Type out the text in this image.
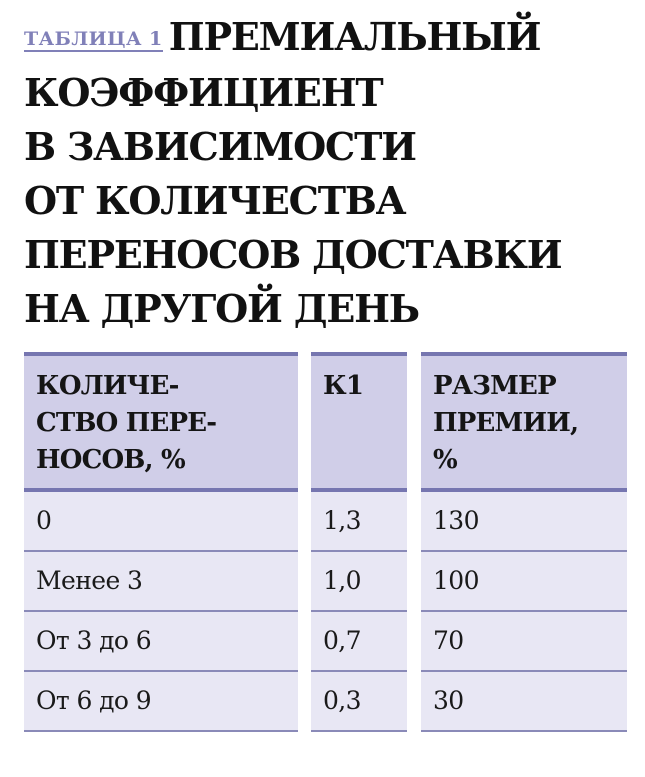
ТАБЛИЦА 1 ПРЕМИАЛЬНЫЙ
КОЭФФИЦИЕНТ
В ЗАВИСИМОСТИ
ОТ КОЛИЧЕСТВА
ПЕРЕНОСОВ ДОСТАВКИ
НА ДРУГОЙ ДЕНЬ
КОЛИЧЕ-
СТВО ПЕРЕ-
НОСОВ, %
0
Менее 3
От 3 до 6
От 6 до 9
К1
1,3
1,0
0,7
0,3
РАЗМЕР
ПРЕМИИ,
%
130
100
70
30
